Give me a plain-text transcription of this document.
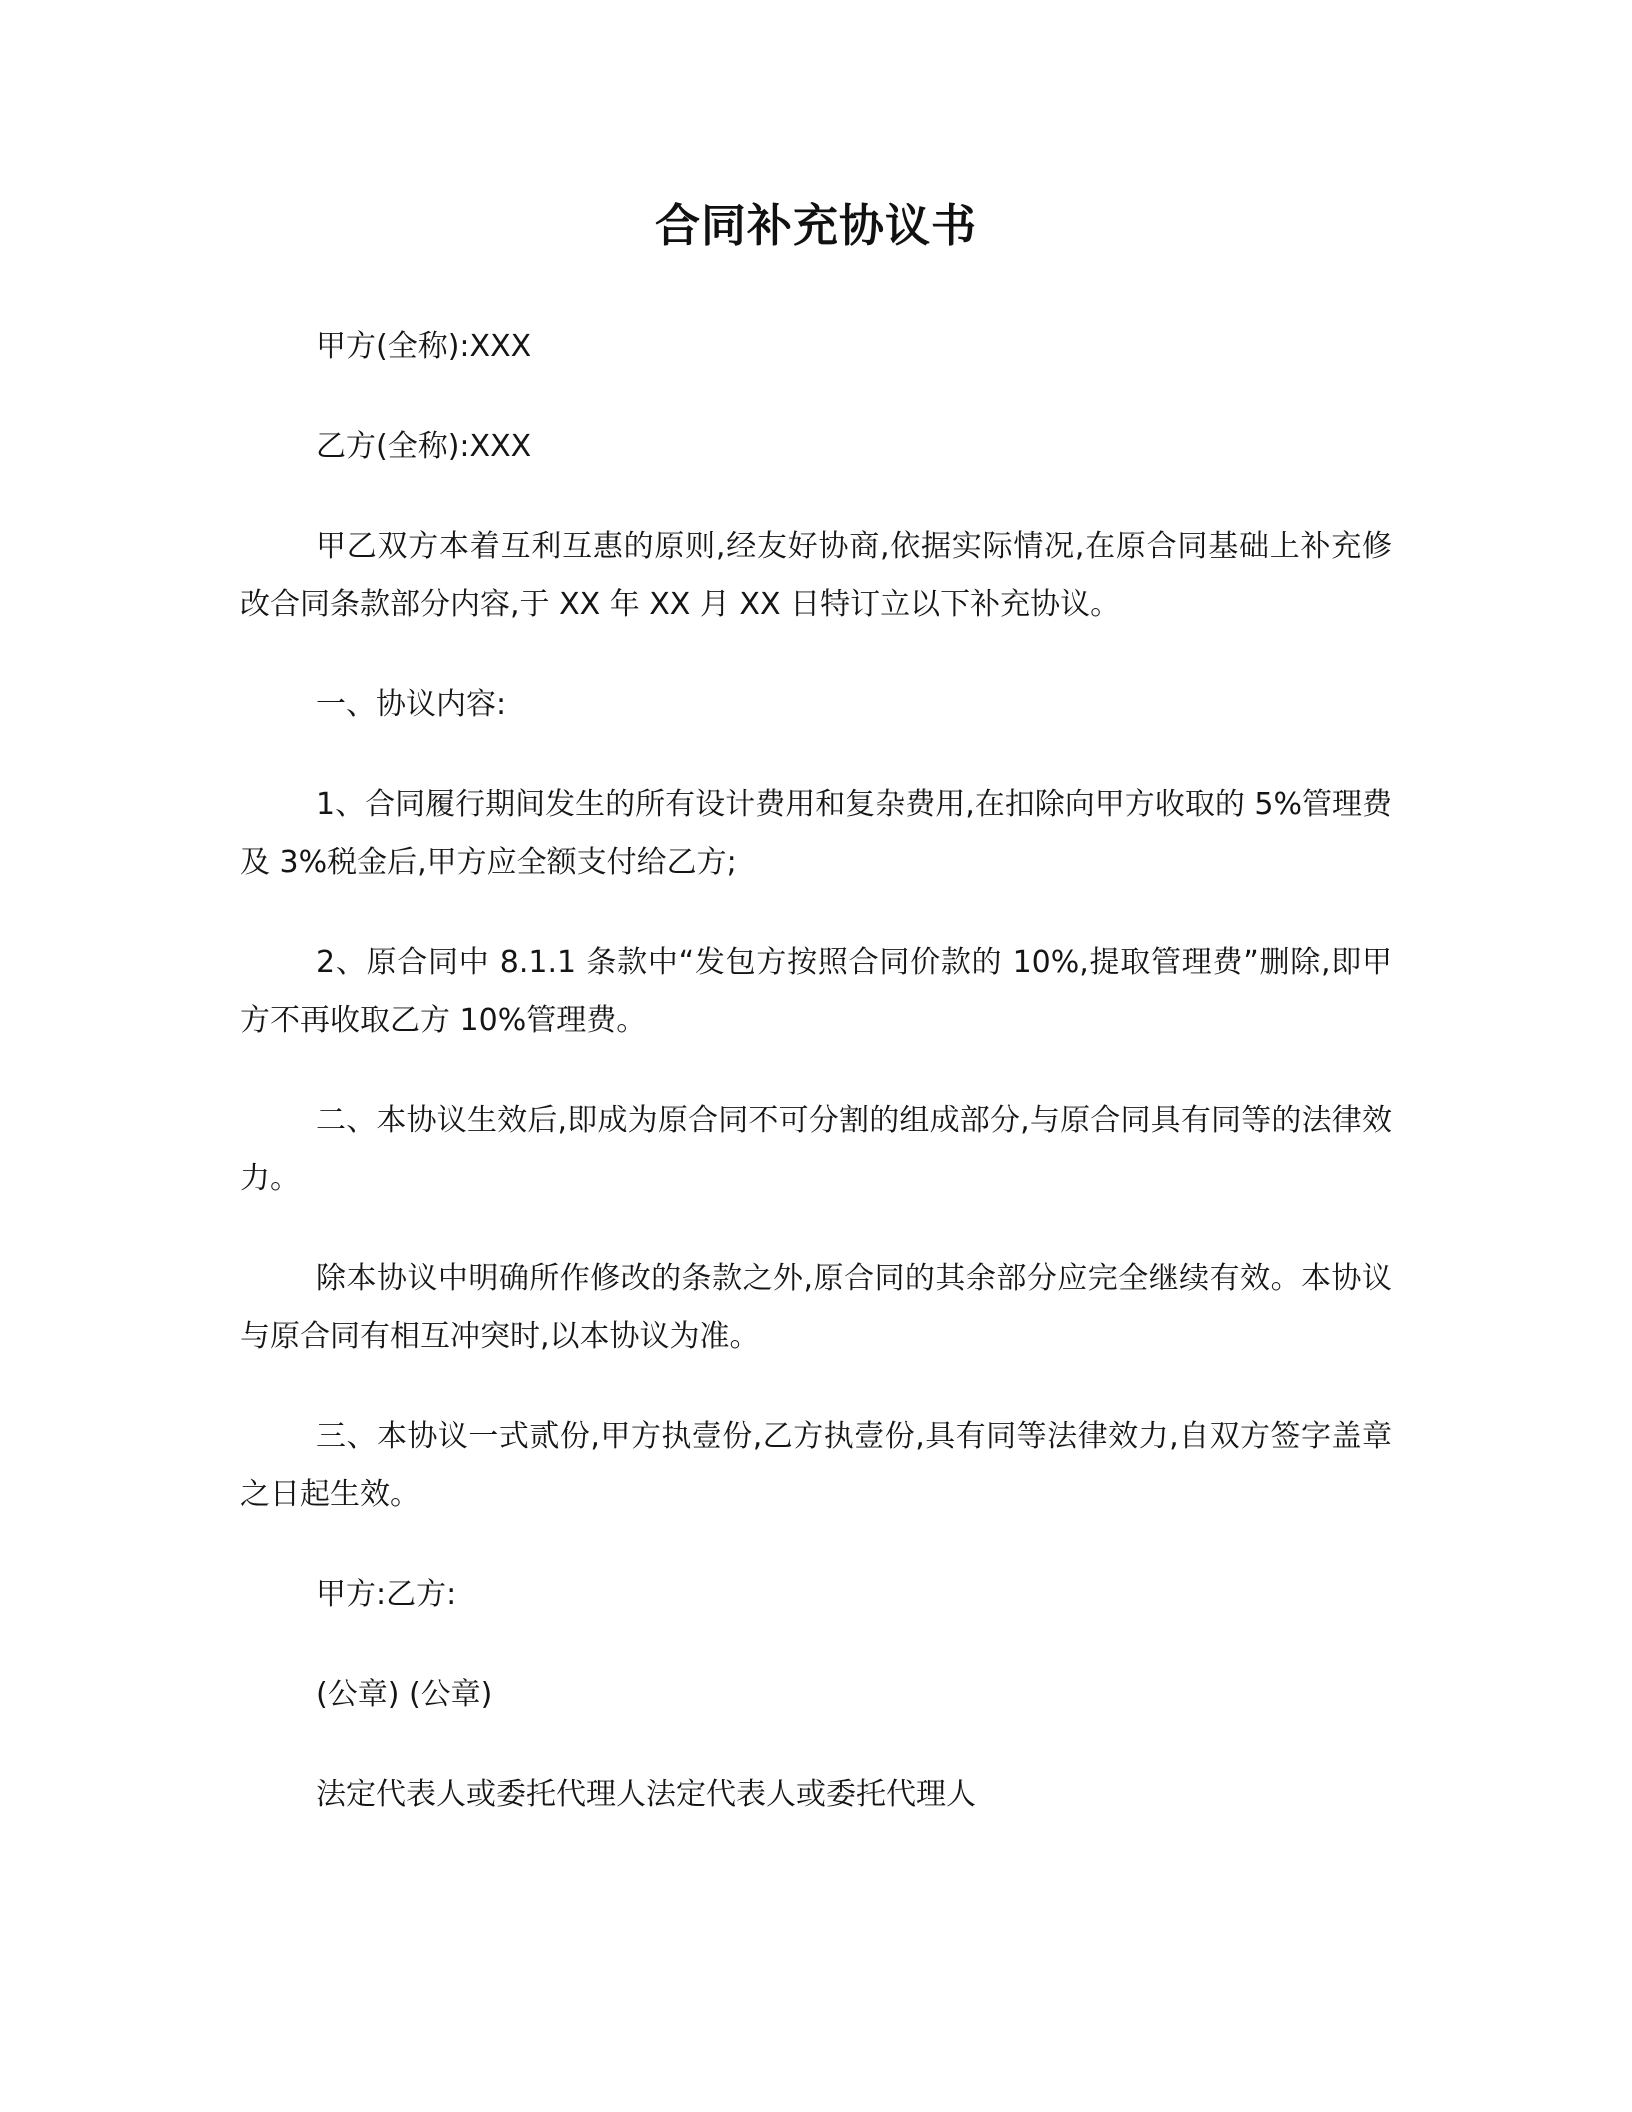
合同补充协议书

甲方(全称):XXX

乙方(全称):XXX

甲乙双方本着互利互惠的原则,经友好协商,依据实际情况,在原合同基础上补充修改合同条款部分内容,于 XX 年 XX 月 XX 日特订立以下补充协议。

一、协议内容:

1、合同履行期间发生的所有设计费用和复杂费用,在扣除向甲方收取的 5%管理费及 3%税金后,甲方应全额支付给乙方;

2、原合同中 8.1.1 条款中“发包方按照合同价款的 10%,提取管理费”删除,即甲方不再收取乙方 10%管理费。

二、本协议生效后,即成为原合同不可分割的组成部分,与原合同具有同等的法律效力。

除本协议中明确所作修改的条款之外,原合同的其余部分应完全继续有效。本协议与原合同有相互冲突时,以本协议为准。

三、本协议一式贰份,甲方执壹份,乙方执壹份,具有同等法律效力,自双方签字盖章之日起生效。

甲方:乙方:

(公章) (公章)

法定代表人或委托代理人法定代表人或委托代理人
